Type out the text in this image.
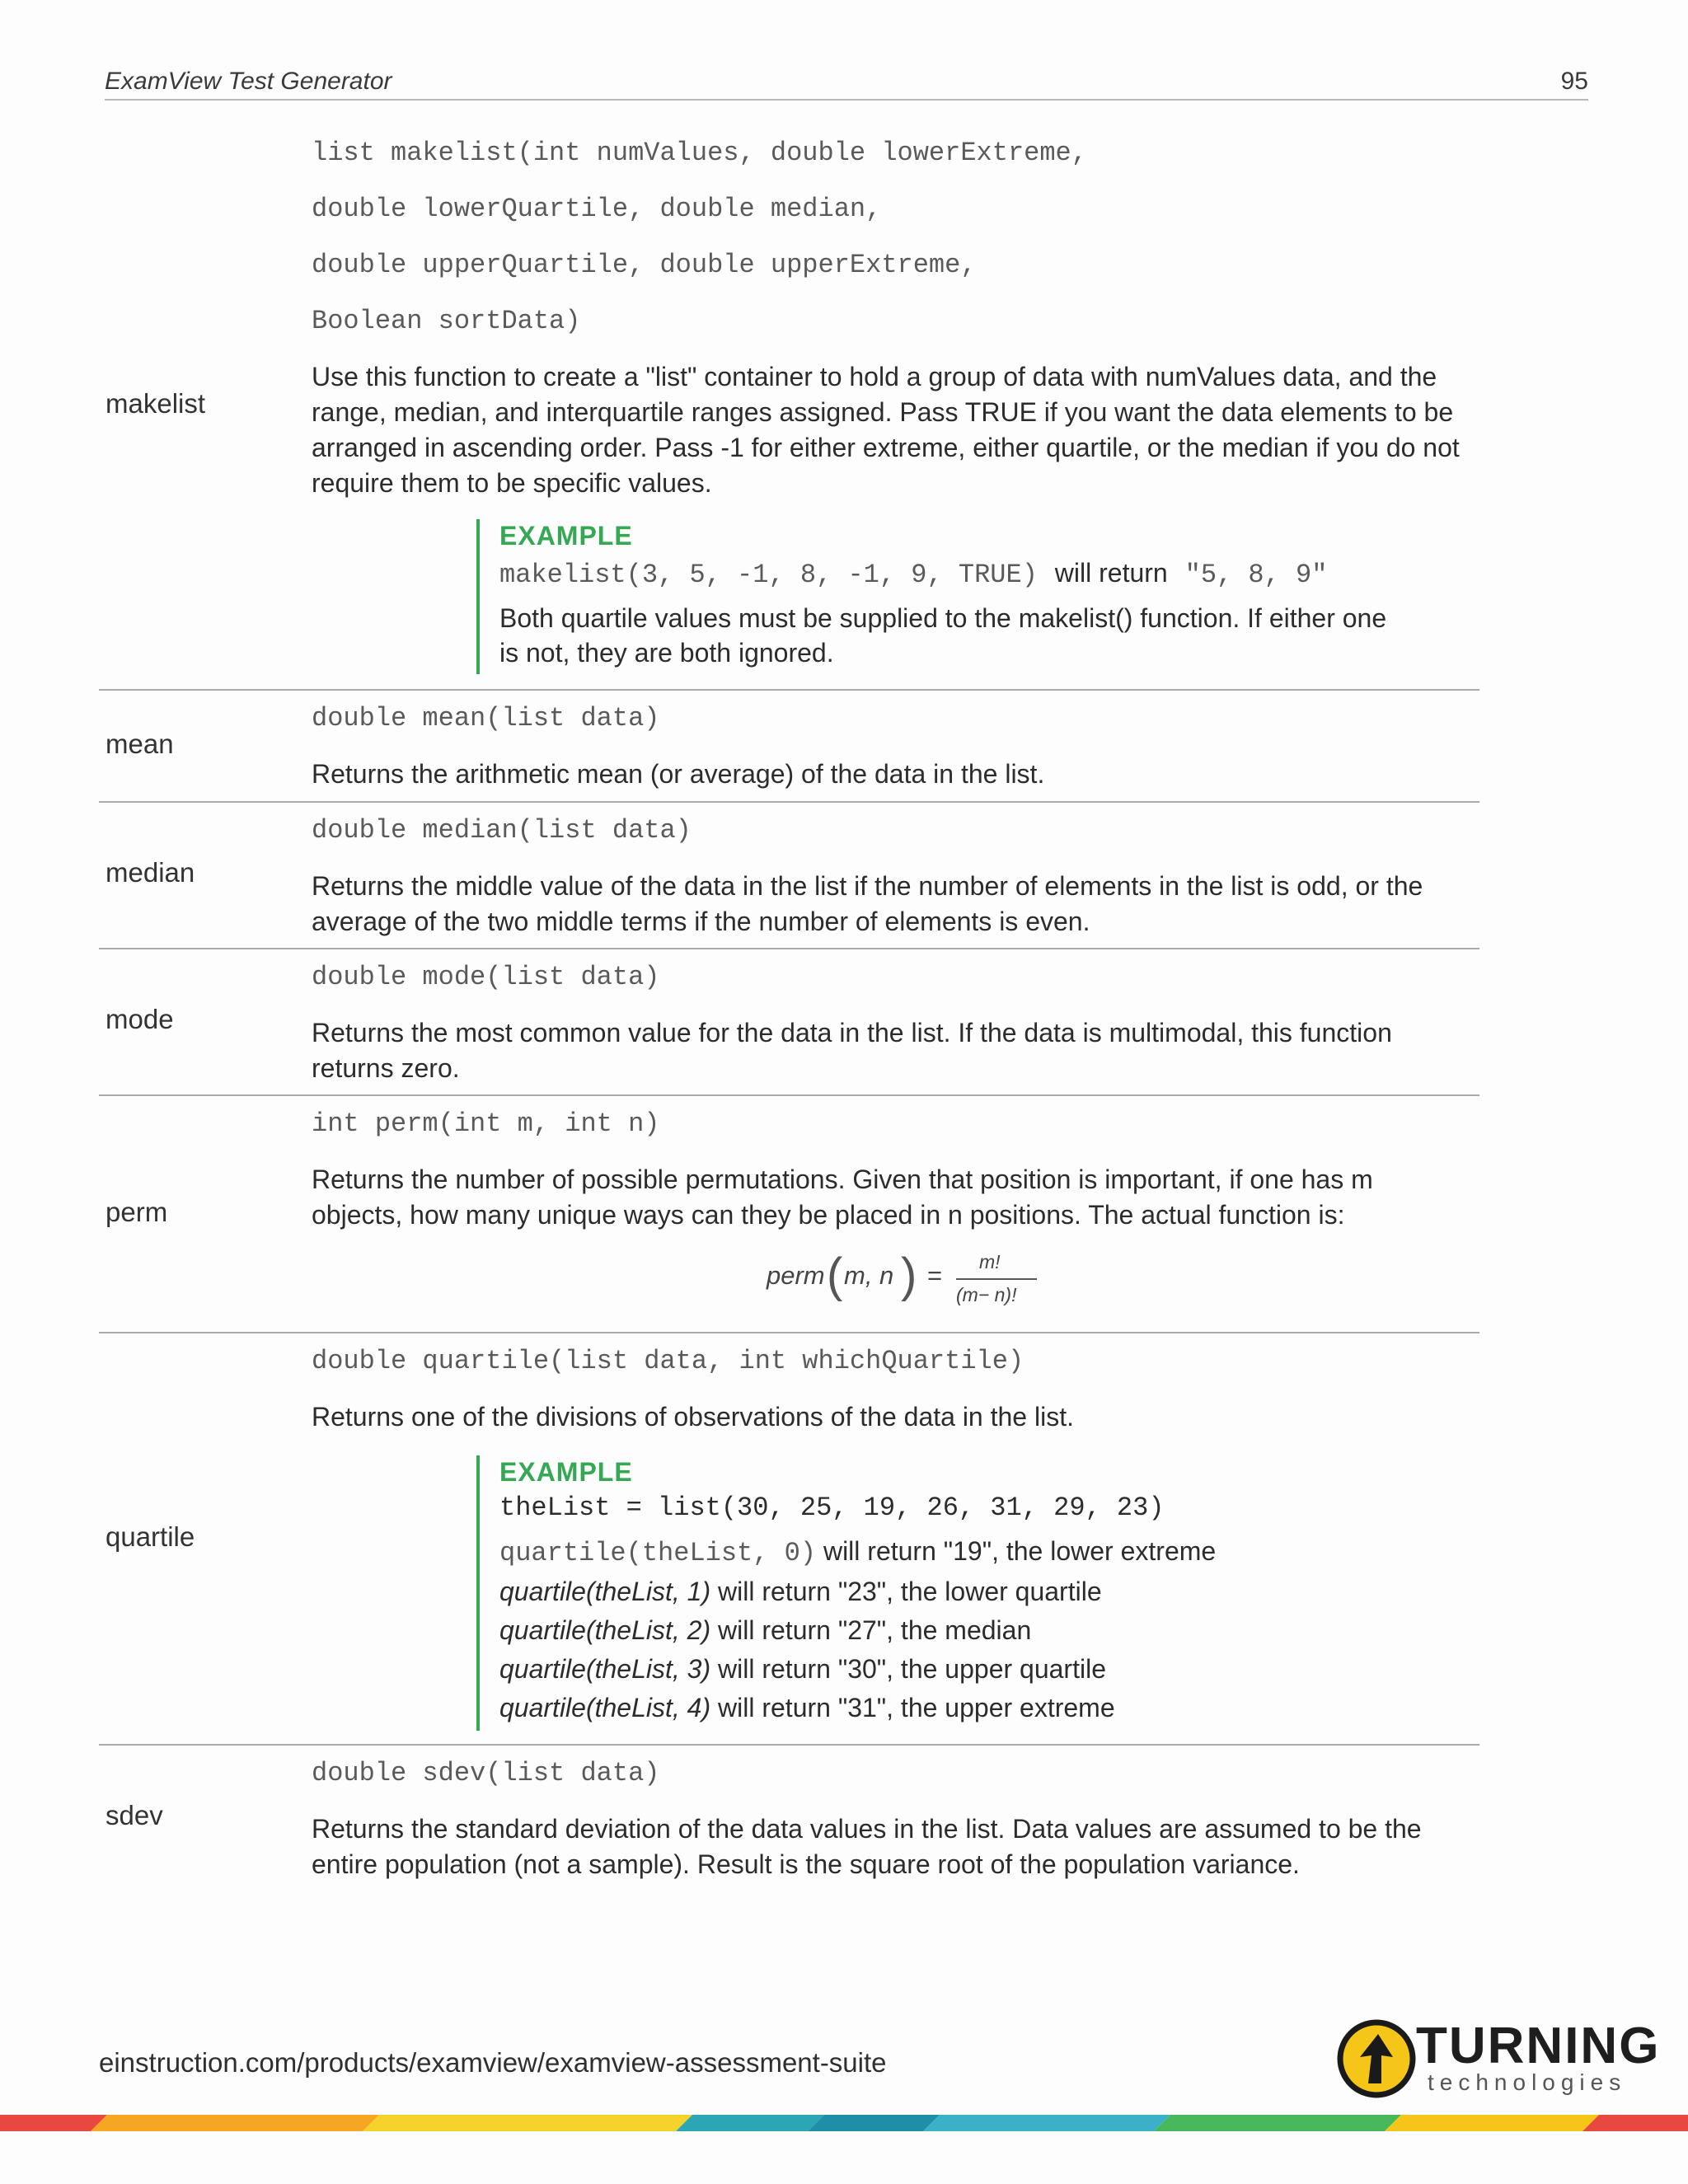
ExamView Test Generator	95
makelist
list makelist(int numValues, double lowerExtreme,
double lowerQuartile, double median,
double upperQuartile, double upperExtreme,
Boolean sortData)
Use this function to create a "list" container to hold a group of data with numValues data, and the
range, median, and interquartile ranges assigned. Pass TRUE if you want the data elements to be
arranged in ascending order. Pass -1 for either extreme, either quartile, or the median if you do not
require them to be specific values.
EXAMPLE
makelist(3, 5, -1, 8, -1, 9, TRUE) will return "5, 8, 9"
Both quartile values must be supplied to the makelist() function. If either one
is not, they are both ignored.
mean
double mean(list data)
Returns the arithmetic mean (or average) of the data in the list.
median
double median(list data)
Returns the middle value of the data in the list if the number of elements in the list is odd, or the
average of the two middle terms if the number of elements is even.
mode
double mode(list data)
Returns the most common value for the data in the list. If the data is multimodal, this function
returns zero.
perm
int perm(int m, int n)
Returns the number of possible permutations. Given that position is important, if one has m
objects, how many unique ways can they be placed in n positions. The actual function is:
perm ( m, n ) = m!
(m− n)!
quartile
double quartile(list data, int whichQuartile)
Returns one of the divisions of observations of the data in the list.
EXAMPLE
theList = list(30, 25, 19, 26, 31, 29, 23)
quartile(theList, 0) will return "19", the lower extreme
quartile(theList, 1) will return "23", the lower quartile
quartile(theList, 2) will return "27", the median
quartile(theList, 3) will return "30", the upper quartile
quartile(theList, 4) will return "31", the upper extreme
sdev
double sdev(list data)
Returns the standard deviation of the data values in the list. Data values are assumed to be the
entire population (not a sample). Result is the square root of the population variance.
einstruction.com/products/examview/examview-assessment-suite	TURNING
technologies
